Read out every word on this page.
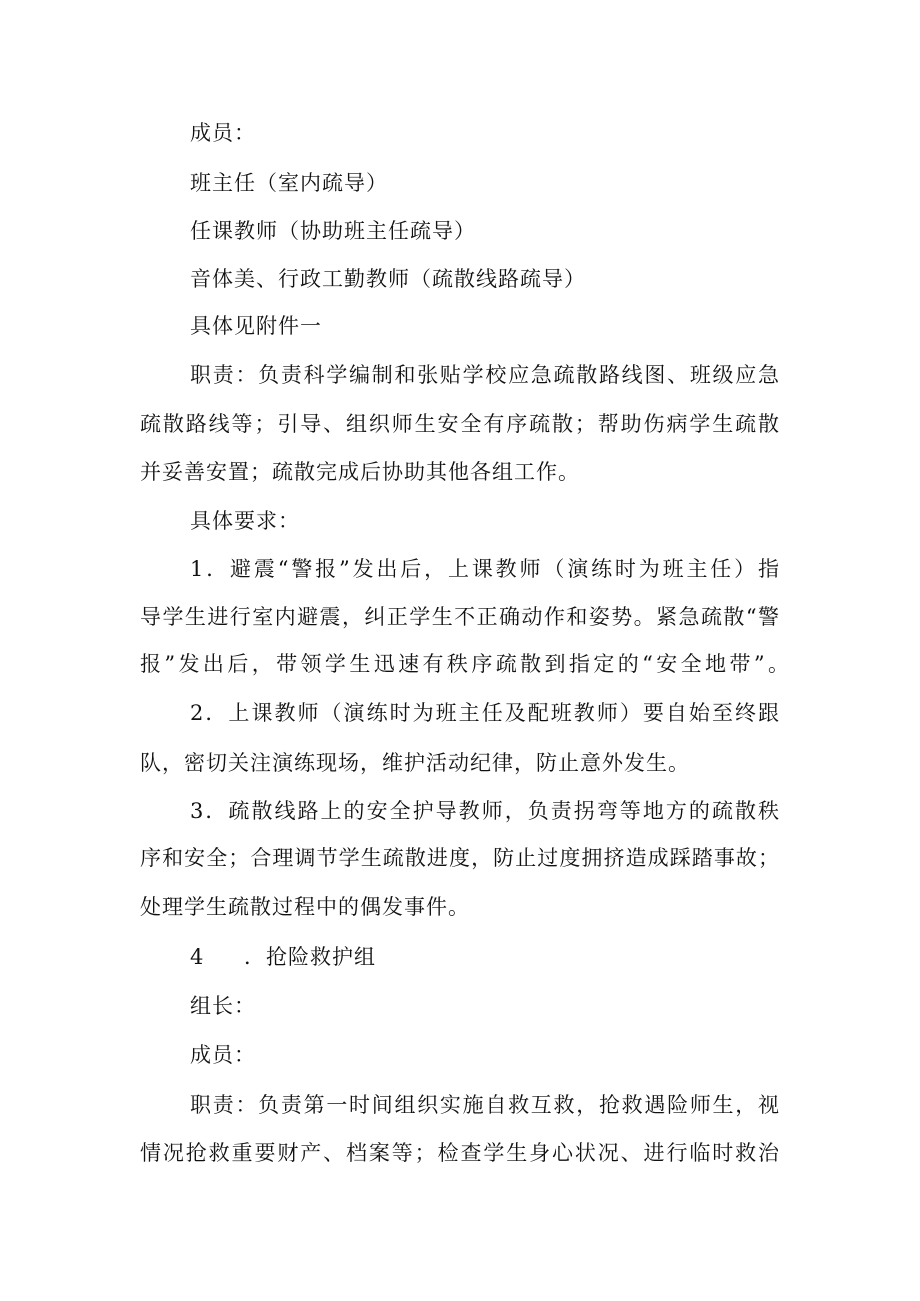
成员：
班主任（室内疏导）
任课教师（协助班主任疏导）
音体美、行政工勤教师（疏散线路疏导）
具体见附件一
职责：负责科学编制和张贴学校应急疏散路线图、班级应急
疏散路线等；引导、组织师生安全有序疏散；帮助伤病学生疏散
并妥善安置；疏散完成后协助其他各组工作。
具体要求：
1．避震“警报”发出后，上课教师（演练时为班主任）指
导学生进行室内避震，纠正学生不正确动作和姿势。紧急疏散“警
报”发出后，带领学生迅速有秩序疏散到指定的“安全地带”。
2．上课教师（演练时为班主任及配班教师）要自始至终跟
队，密切关注演练现场，维护活动纪律，防止意外发生。
3．疏散线路上的安全护导教师，负责拐弯等地方的疏散秩
序和安全；合理调节学生疏散进度，防止过度拥挤造成踩踏事故；
处理学生疏散过程中的偶发事件。
4 ．抢险救护组
组长：
成员：
职责：负责第一时间组织实施自救互救，抢救遇险师生，视
情况抢救重要财产、档案等；检查学生身心状况、进行临时救治
